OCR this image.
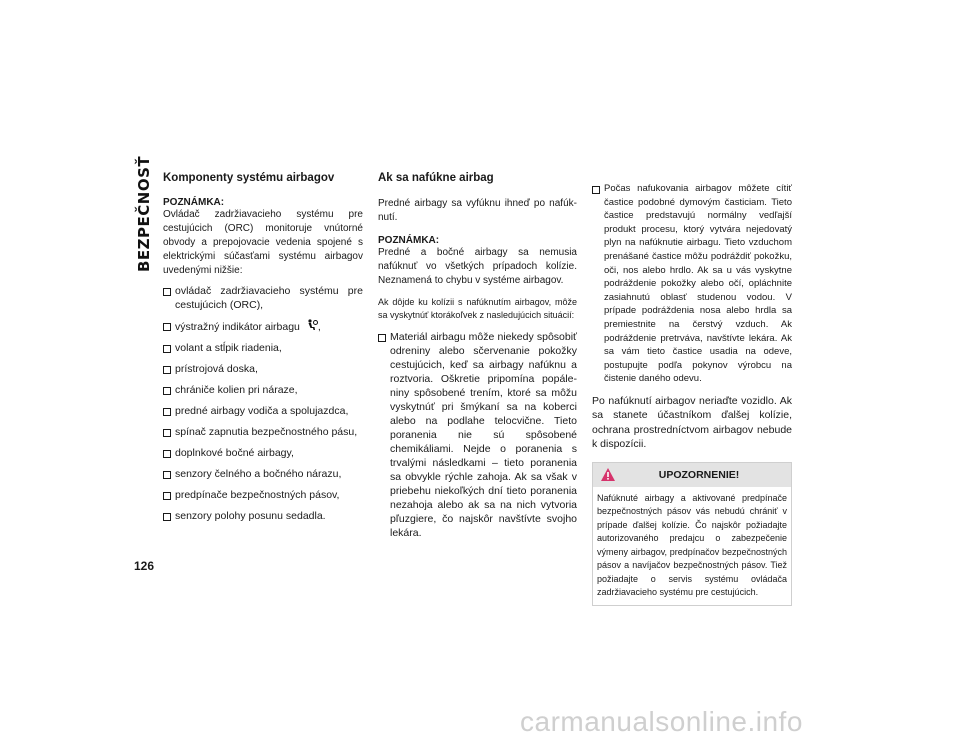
BEZPEČNOSŤ Komponenty systému airbagov
POZNÁMKA:

Ovládač zadržiavacieho systému pre cestujúcich (ORC) monitoruje vnútorné obvody a prepojovacie vedenia spojené s elektrickými súčasťami systému airbagov uvedenými nižšie:

ovládač zadržiavacieho systému pre cestujúcich (ORC),
výstražný indikátor airbagu ,
volant a stĺpik riadenia,
prístrojová doska,
chrániče kolien pri náraze,
predné airbagy vodiča a spolujazdca,
spínač zapnutia bezpečnostného pásu,
doplnkové bočné airbagy,
senzory čelného a bočného nárazu,
predpínače bezpečnostných pásov,
senzory polohy posunu sedadla.
Ak sa nafúkne airbag

Predné airbagy sa vyfúknu ihneď po nafúknutí.

POZNÁMKA:

Predné a bočné airbagy sa nemusia nafúknuť vo všetkých prípadoch kolízie. Neznamená to chybu v systéme airbagov.

Ak dôjde ku kolízii s nafúknutím airbagov, môže sa vyskytnúť ktorákoľvek z nasledujúcich situácií:

Materiál airbagu môže niekedy spôsobiť odreniny alebo sčervenanie pokožky cestujúcich, keď sa airbagy nafúknu a roztvoria. Oškretie pripomína popáleniny spôsobené trením, ktoré sa môžu vyskytnúť pri šmýkaní sa na koberci alebo na podlahe telocvične. Tieto poranenia nie sú spôsobené chemikáliami. Nejde o poranenia s trvalými následkami – tieto poranenia sa obvykle rýchle zahoja. Ak sa však v priebehu niekoľkých dní tieto poranenia nezahoja alebo ak sa na nich vytvoria pľuzgiere, čo najskôr navštívte svojho lekára.
Počas nafukovania airbagov môžete cítiť častice podobné dymovým časticiam. Tieto častice predstavujú normálny vedľajší produkt procesu, ktorý vytvára nejedovatý plyn na nafúknutie airbagu. Tieto vzduchom prenášané častice môžu podráždiť pokožku, oči, nos alebo hrdlo. Ak sa u vás vyskytne podráždenie pokožky alebo očí, opláchnite zasiahnutú oblasť studenou vodou. V prípade podráždenia nosa alebo hrdla sa premiestnite na čerstvý vzduch. Ak podráždenie pretrváva, navštívte lekára. Ak sa vám tieto častice usadia na odeve, postupujte podľa pokynov výrobcu na čistenie daného odevu.

Po nafúknutí airbagov neriaďte vozidlo. Ak sa stanete účastníkom ďalšej kolízie, ochrana prostredníctvom airbagov nebude k dispozícii.

UPOZORNENIE!
Nafúknuté airbagy a aktivované predpínače bezpečnostných pásov vás nebudú chrániť v prípade ďalšej kolízie. Čo najskôr požiadajte autorizovaného predajcu o zabezpečenie výmeny airbagov, predpínačov bezpečnostných pásov a navíjačov bezpečnostných pásov. Tiež požiadajte o servis systému ovládača zadržiavacieho systému pre cestujúcich.
126
carmanualsonline.info
